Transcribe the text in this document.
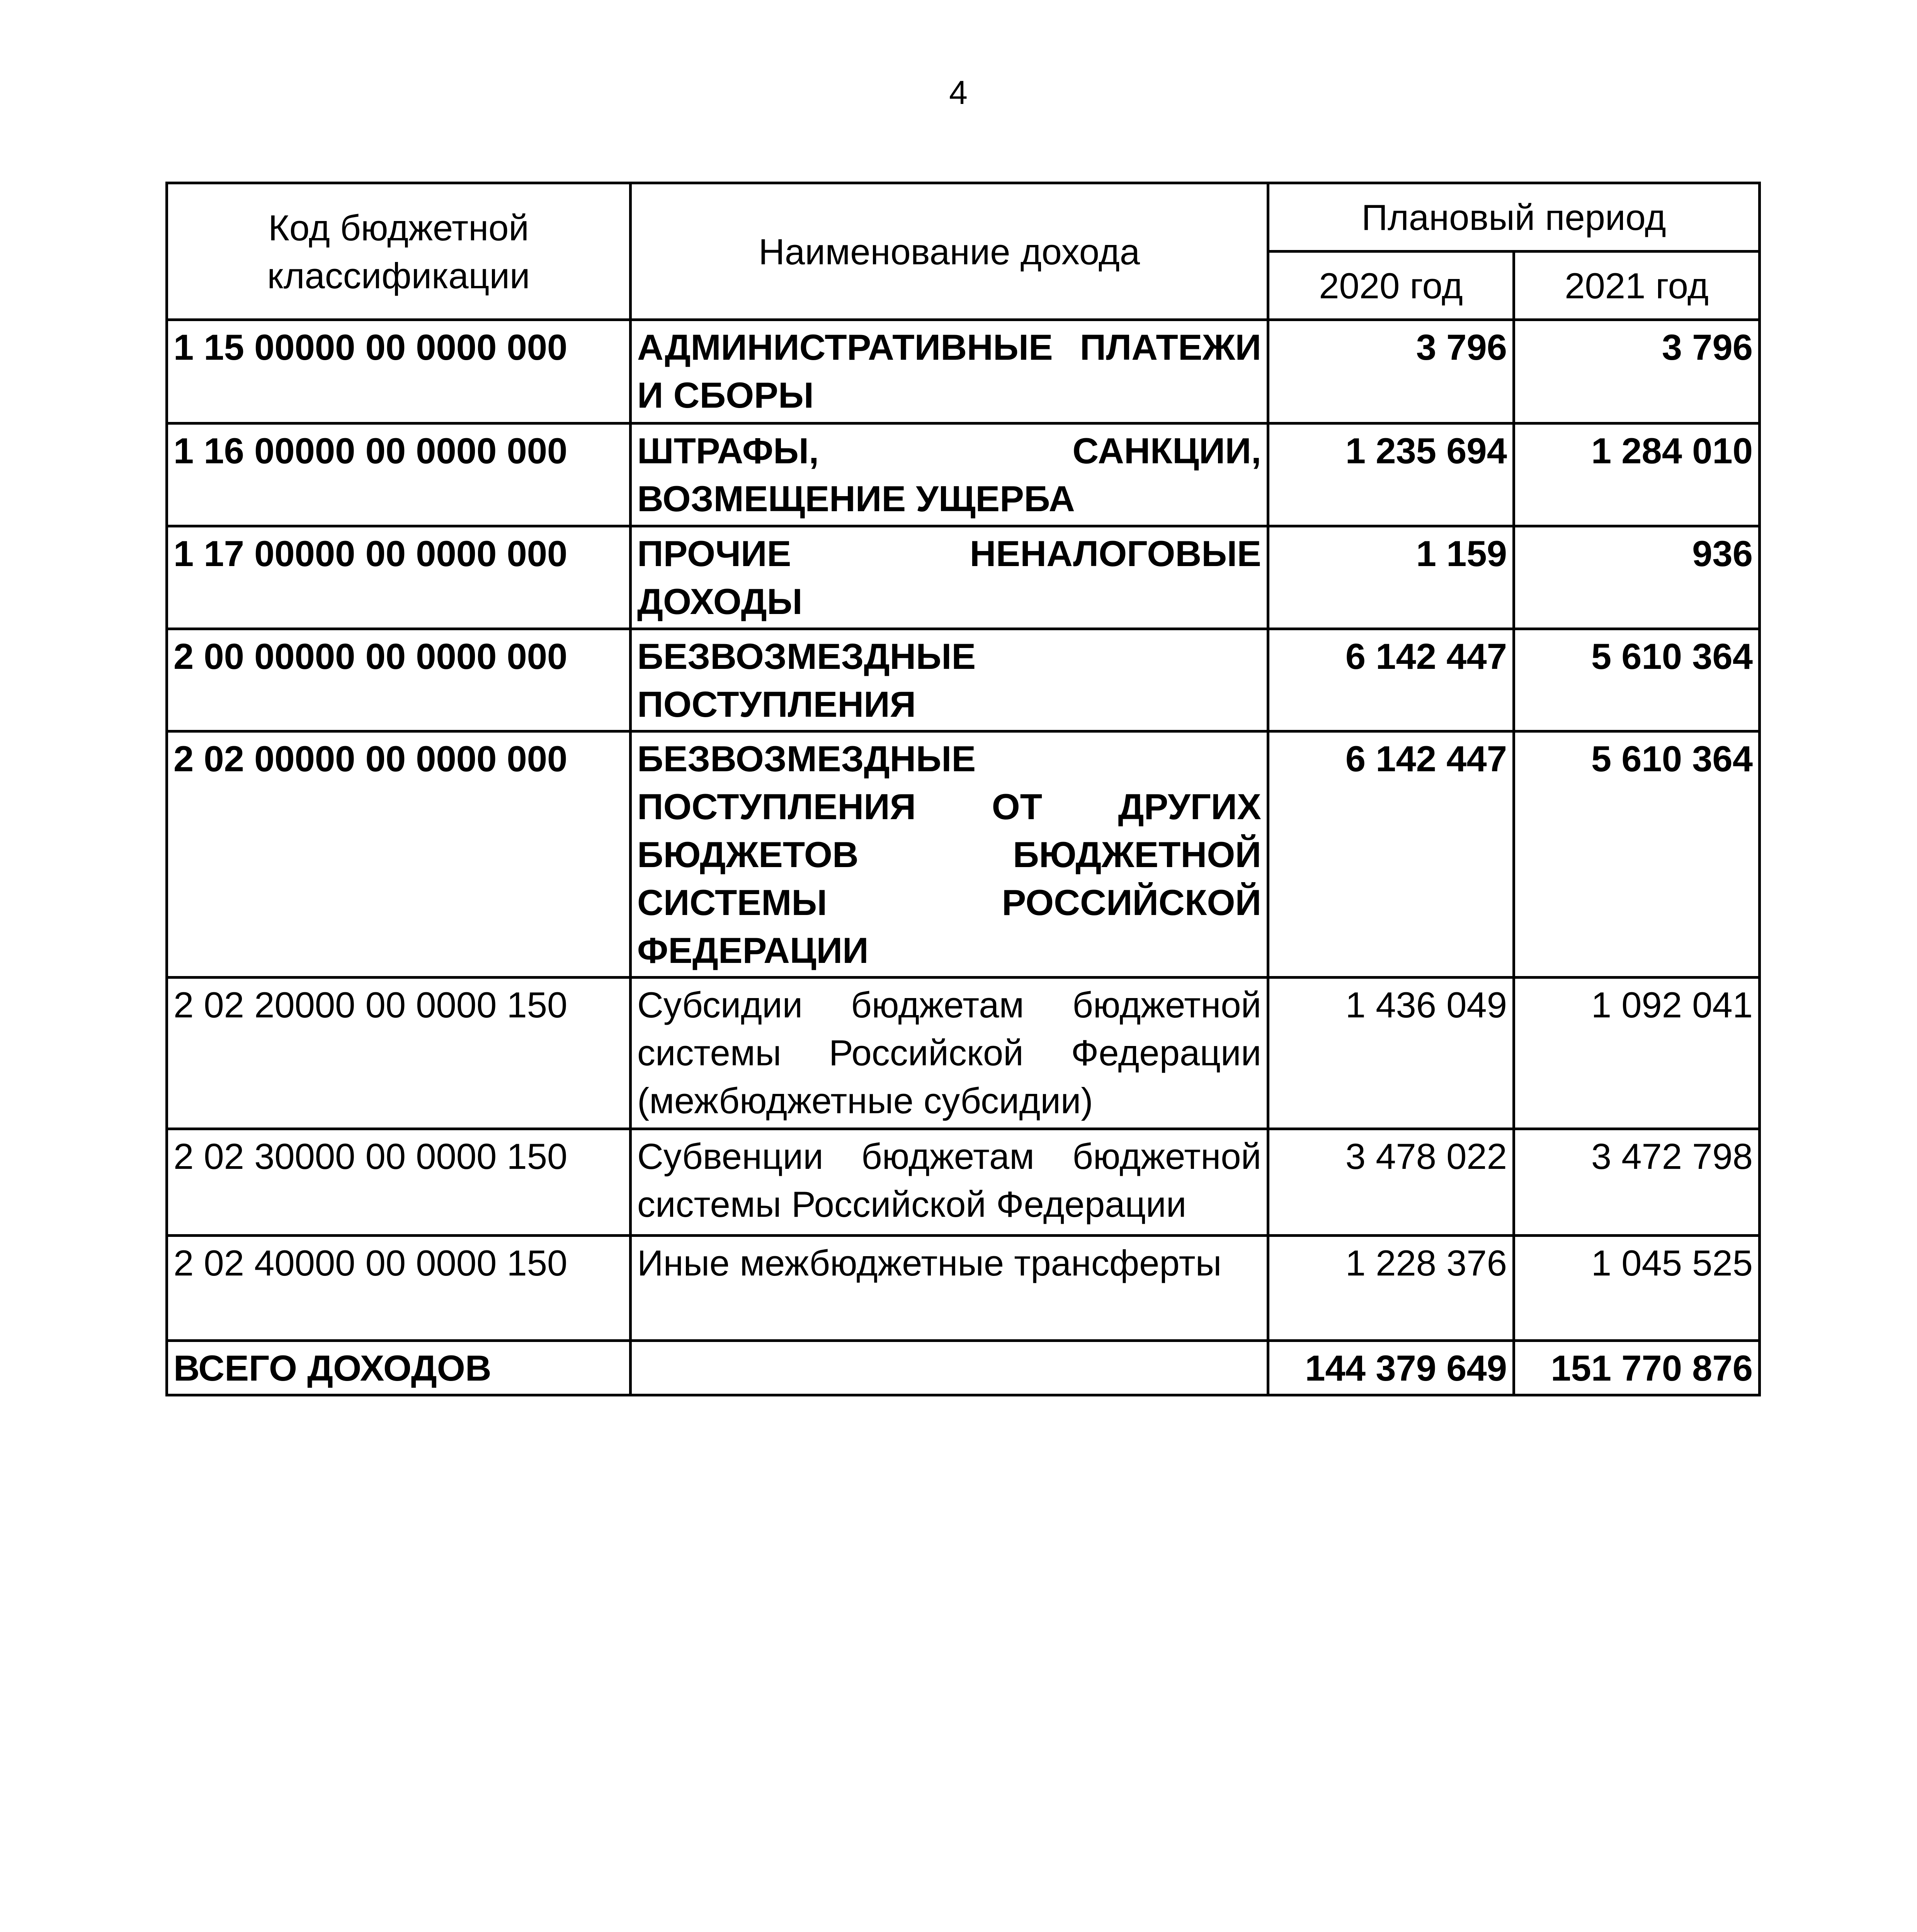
4
Код бюджетной классификации	Наименование дохода	Плановый период	
		2020 год	2021 год
1 15 00000 00 0000 000	АДМИНИСТРАТИВНЫЕ ПЛАТЕЖИ И СБОРЫ	3 796	3 796
1 16 00000 00 0000 000	ШТРАФЫ, САНКЦИИ, ВОЗМЕЩЕНИЕ УЩЕРБА	1 235 694	1 284 010
1 17 00000 00 0000 000	ПРОЧИЕ НЕНАЛОГОВЫЕ ДОХОДЫ	1 159	936
2 00 00000 00 0000 000	БЕЗВОЗМЕЗДНЫЕ ПОСТУПЛЕНИЯ	6 142 447	5 610 364
2 02 00000 00 0000 000	БЕЗВОЗМЕЗДНЫЕ ПОСТУПЛЕНИЯ ОТ ДРУГИХ БЮДЖЕТОВ БЮДЖЕТНОЙ СИСТЕМЫ РОССИЙСКОЙ ФЕДЕРАЦИИ	6 142 447	5 610 364
2 02 20000 00 0000 150	Субсидии бюджетам бюджетной системы Российской Федерации (межбюджетные субсидии)	1 436 049	1 092 041
2 02 30000 00 0000 150	Субвенции бюджетам бюджетной системы Российской Федерации	3 478 022	3 472 798
2 02 40000 00 0000 150	Иные межбюджетные трансферты	1 228 376	1 045 525
ВСЕГО ДОХОДОВ		144 379 649	151 770 876
